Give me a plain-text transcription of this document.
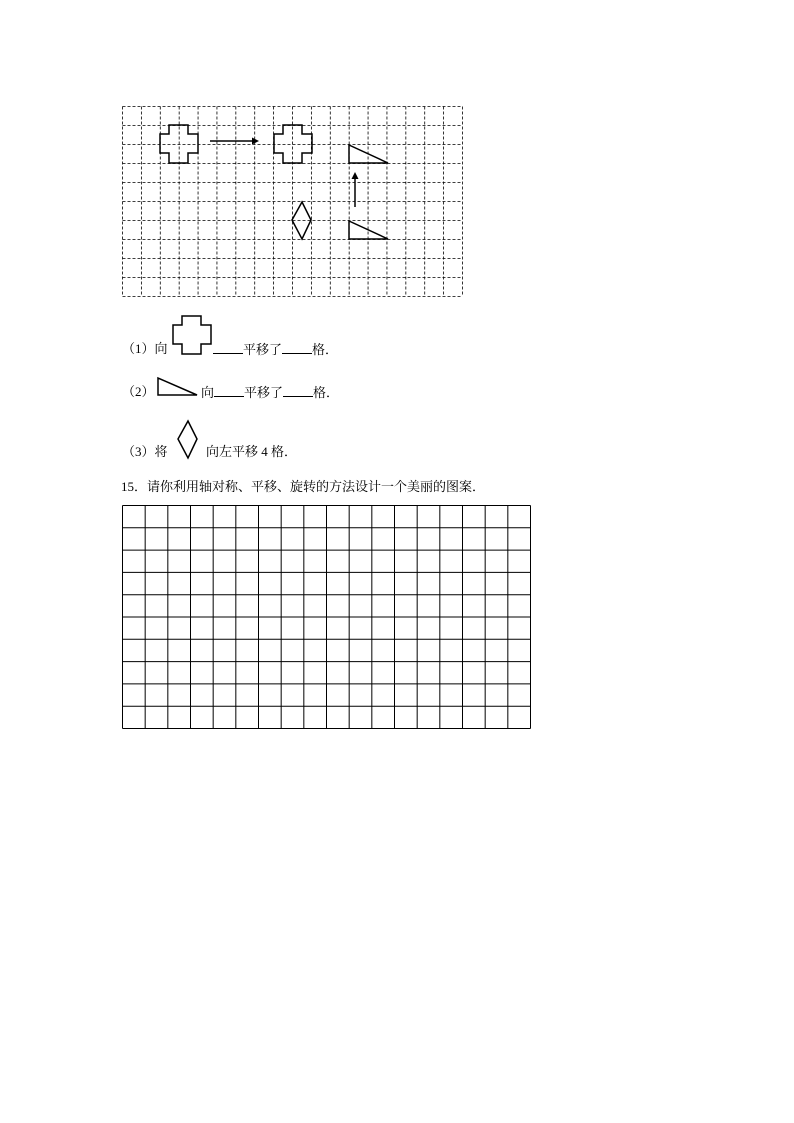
（1）向	平移了 格．
（2）	向 平移了 格．
（3）将	向左平移 4 格．
15．请你利用轴对称、平移、旋转的方法设计一个美丽的图案．
